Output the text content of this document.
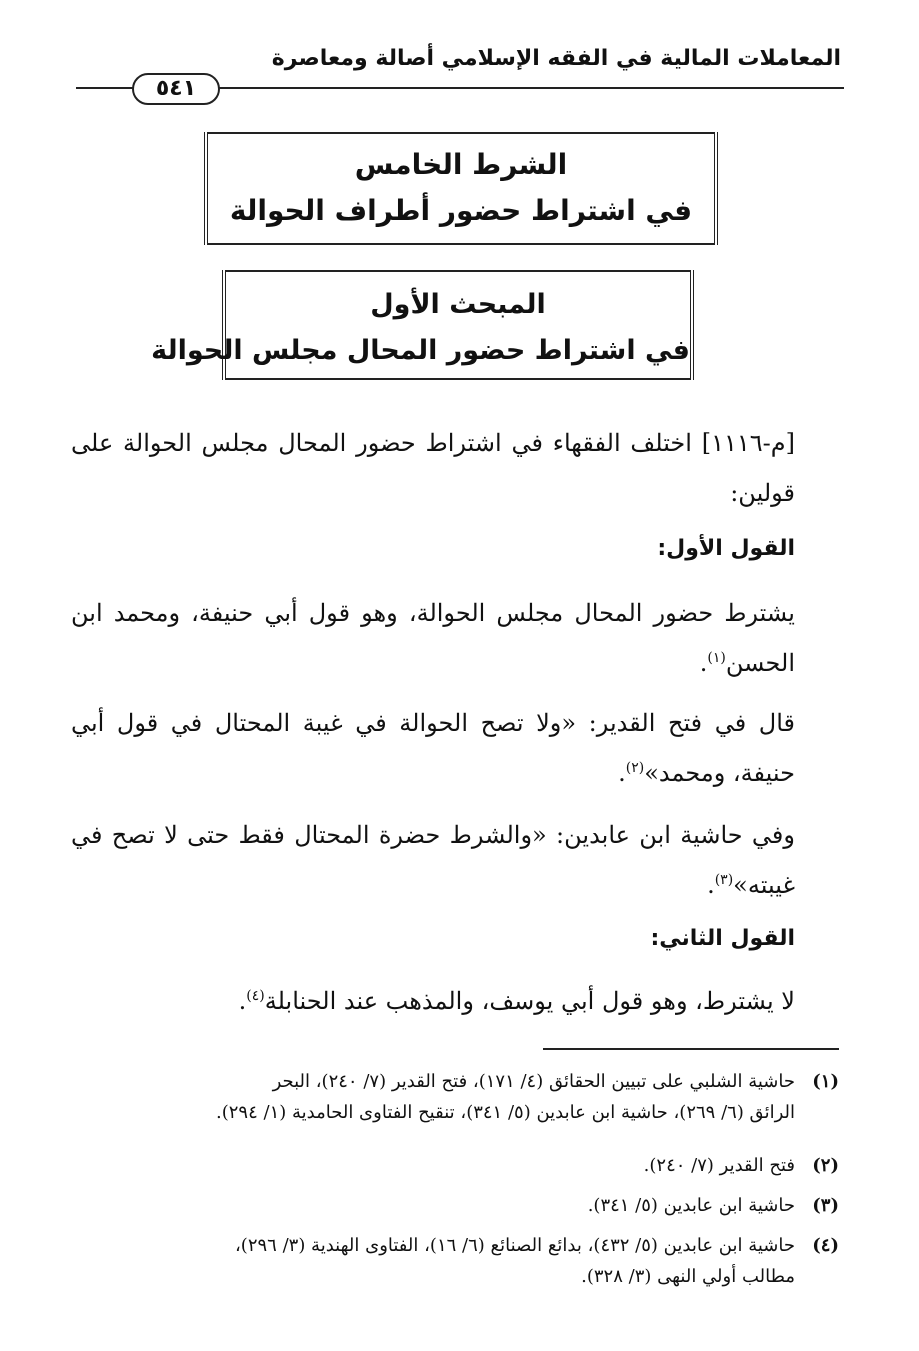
المعاملات المالية في الفقه الإسلامي أصالة ومعاصرة
٥٤١
الشرط الخامس
في اشتراط حضور أطراف الحوالة
المبحث الأول
في اشتراط حضور المحال مجلس الحوالة
[م-١١١٦] اختلف الفقهاء في اشتراط حضور المحال مجلس الحوالة على قولين:
القول الأول:
يشترط حضور المحال مجلس الحوالة، وهو قول أبي حنيفة، ومحمد ابن الحسن$^{(١)}$.
قال في فتح القدير: «ولا تصح الحوالة في غيبة المحتال في قول أبي حنيفة، ومحمد»$^{(٢)}$.
وفي حاشية ابن عابدين: «والشرط حضرة المحتال فقط حتى لا تصح في غيبته»$^{(٣)}$.
القول الثاني:
لا يشترط، وهو قول أبي يوسف، والمذهب عند الحنابلة$^{(٤)}$.
(١)حاشية الشلبي على تبيين الحقائق (٤/ ١٧١)، فتح القدير (٧/ ٢٤٠)، البحر
الرائق (٦/ ٢٦٩)، حاشية ابن عابدين (٥/ ٣٤١)، تنقيح الفتاوى الحامدية (١/ ٢٩٤).
(٢)فتح القدير (٧/ ٢٤٠).
(٣)حاشية ابن عابدين (٥/ ٣٤١).
(٤)حاشية ابن عابدين (٥/ ٤٣٢)، بدائع الصنائع (٦/ ١٦)، الفتاوى الهندية (٣/ ٢٩٦)،
مطالب أولي النهى (٣/ ٣٢٨).
